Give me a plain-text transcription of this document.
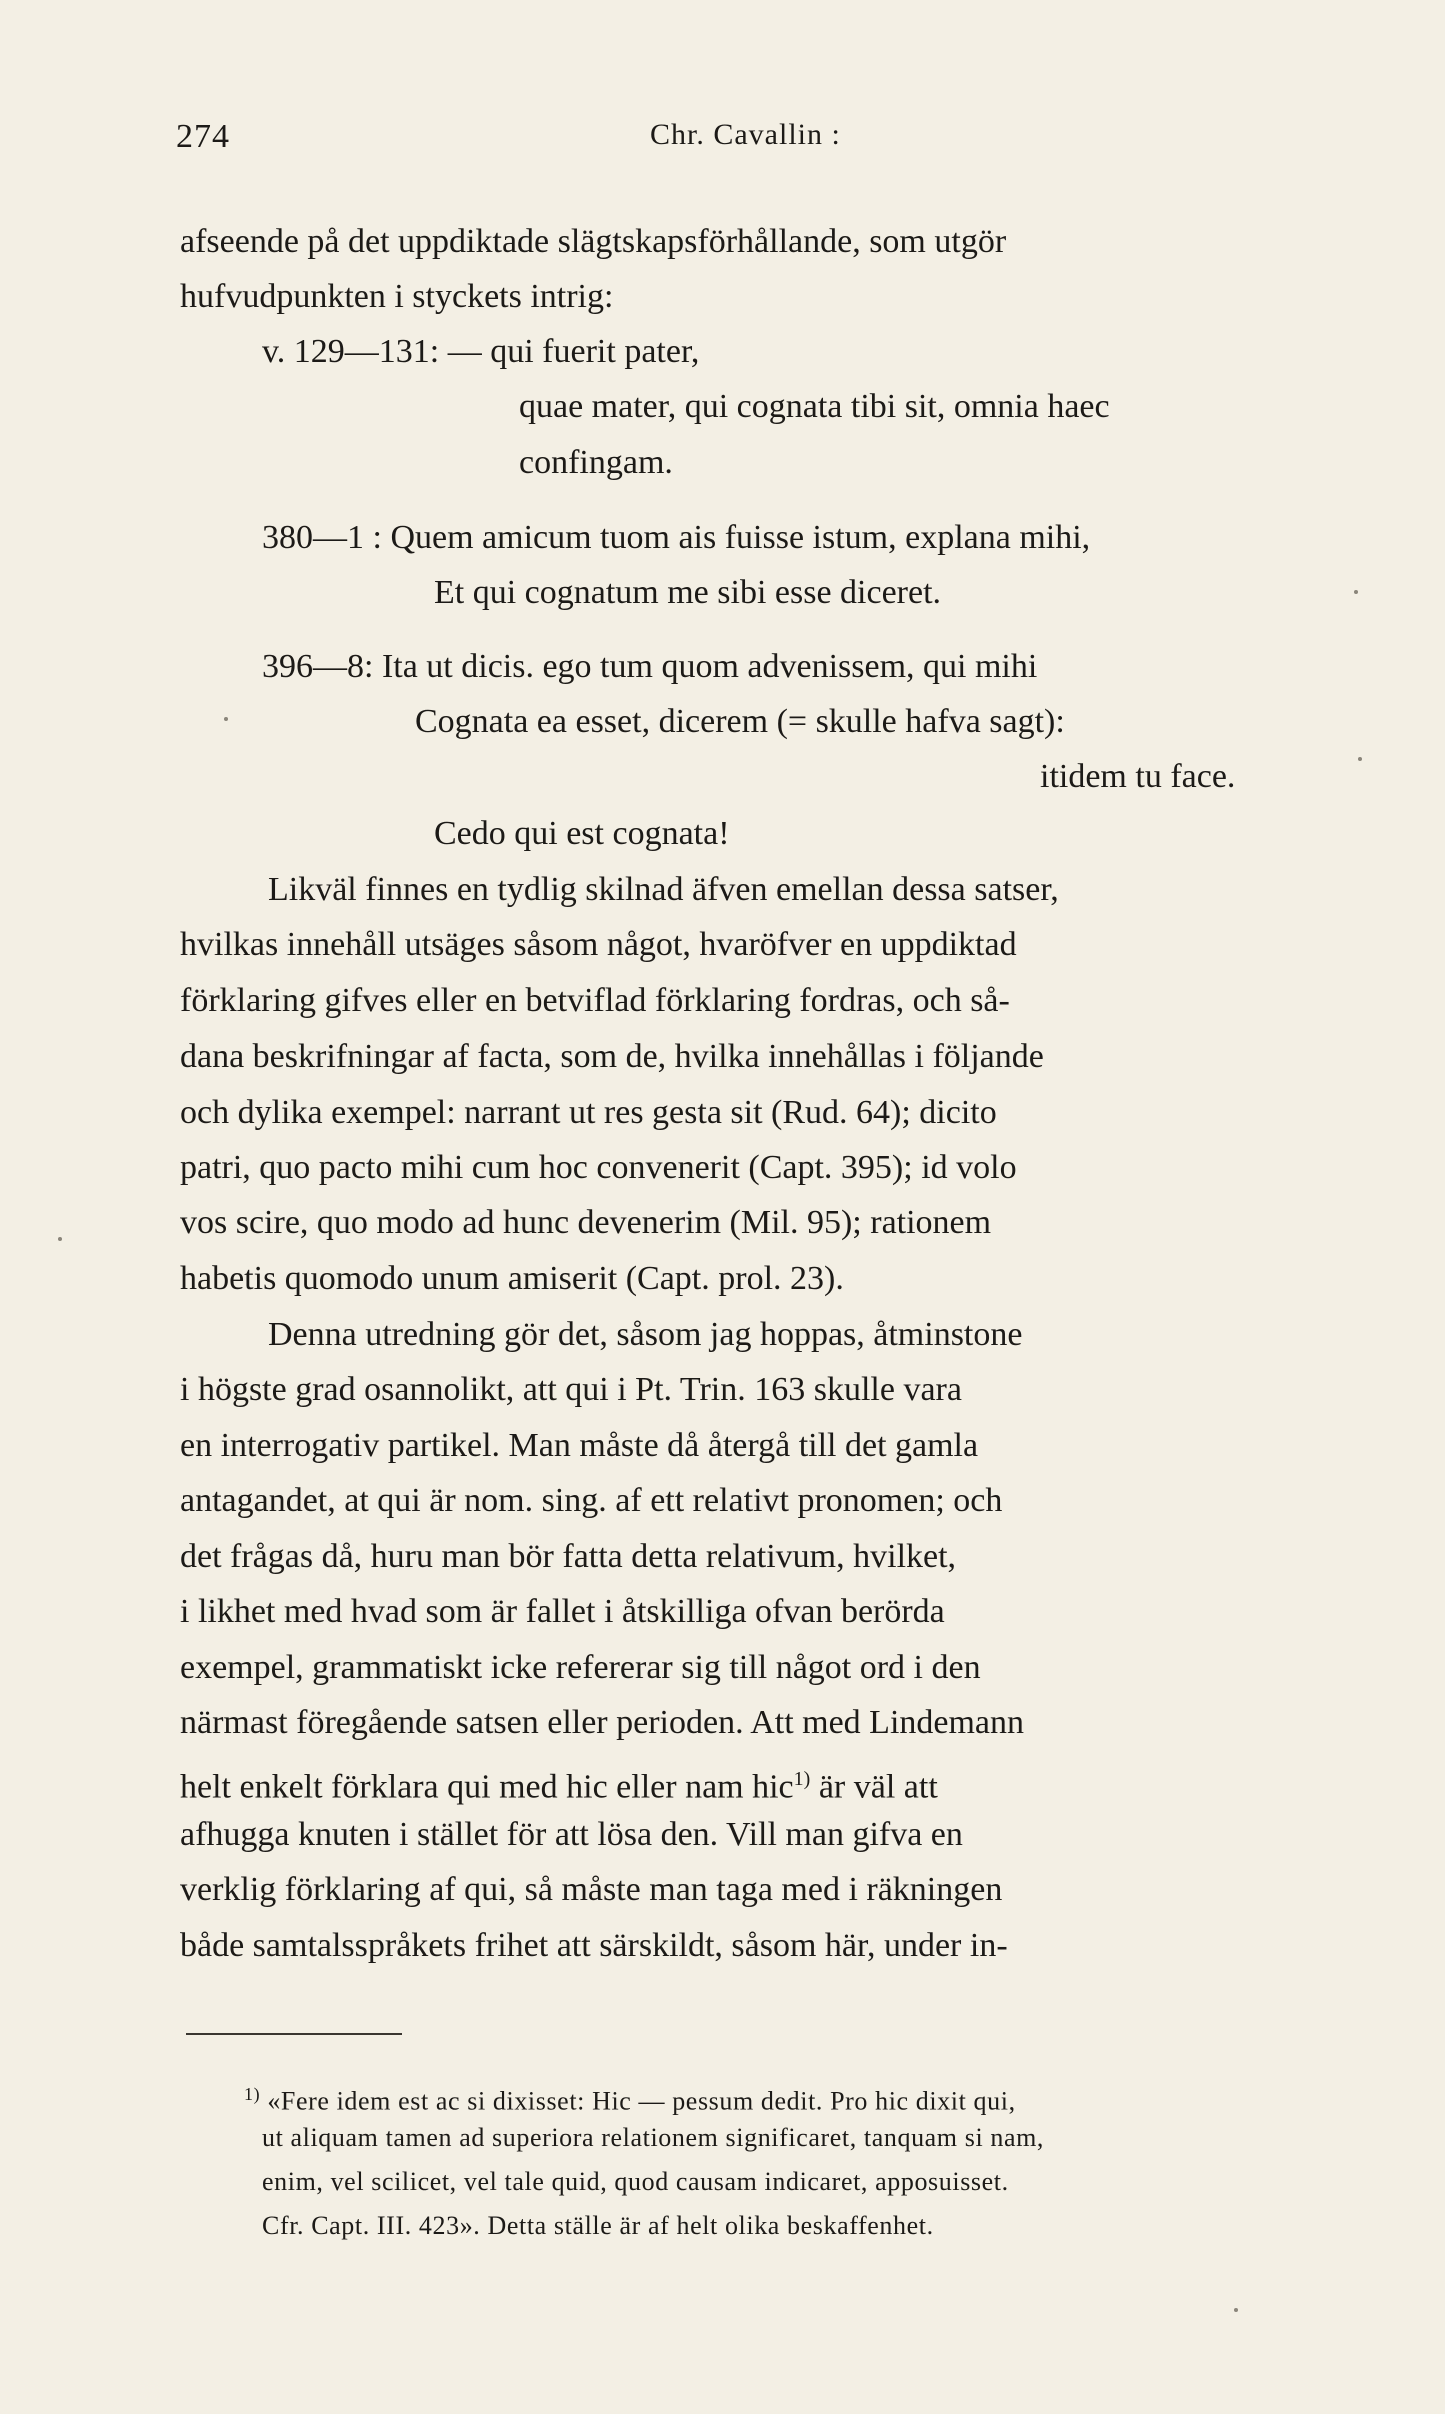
274	Chr. Cavallin :
afseende på det uppdiktade slägtskapsförhållande, som utgör
hufvudpunkten i styckets intrig:
v. 129—131: — qui fuerit pater,
quae mater, qui cognata tibi sit, omnia haec
confingam.
380—1 : Quem amicum tuom ais fuisse istum, explana mihi,
Et qui cognatum me sibi esse diceret.
396—8: Ita ut dicis. ego tum quom advenissem, qui mihi
Cognata ea esset, dicerem (= skulle hafva sagt):
itidem tu face.
Cedo qui est cognata!
Likväl finnes en tydlig skilnad äfven emellan dessa satser,
hvilkas innehåll utsäges såsom något, hvaröfver en uppdiktad
förklaring gifves eller en betviflad förklaring fordras, och så-
dana beskrifningar af facta, som de, hvilka innehållas i följande
och dylika exempel: narrant ut res gesta sit (Rud. 64); dicito
patri, quo pacto mihi cum hoc convenerit (Capt. 395); id volo
vos scire, quo modo ad hunc devenerim (Mil. 95); rationem
habetis quomodo unum amiserit (Capt. prol. 23).
Denna utredning gör det, såsom jag hoppas, åtminstone
i högste grad osannolikt, att qui i Pt. Trin. 163 skulle vara
en interrogativ partikel. Man måste då återgå till det gamla
antagandet, at qui är nom. sing. af ett relativt pronomen; och
det frågas då, huru man bör fatta detta relativum, hvilket,
i likhet med hvad som är fallet i åtskilliga ofvan berörda
exempel, grammatiskt icke refererar sig till något ord i den
närmast föregående satsen eller perioden. Att med Lindemann
helt enkelt förklara qui med hic eller nam hic$^{1)}$ är väl att
afhugga knuten i stället för att lösa den. Vill man gifva en
verklig förklaring af qui, så måste man taga med i räkningen
både samtalsspråkets frihet att särskildt, såsom här, under in-
$^{1)}$ «Fere idem est ac si dixisset: Hic — pessum dedit. Pro hic dixit qui,
ut aliquam tamen ad superiora relationem significaret, tanquam si nam,
enim, vel scilicet, vel tale quid, quod causam indicaret, apposuisset.
Cfr. Capt. III. 423». Detta ställe är af helt olika beskaffenhet.
